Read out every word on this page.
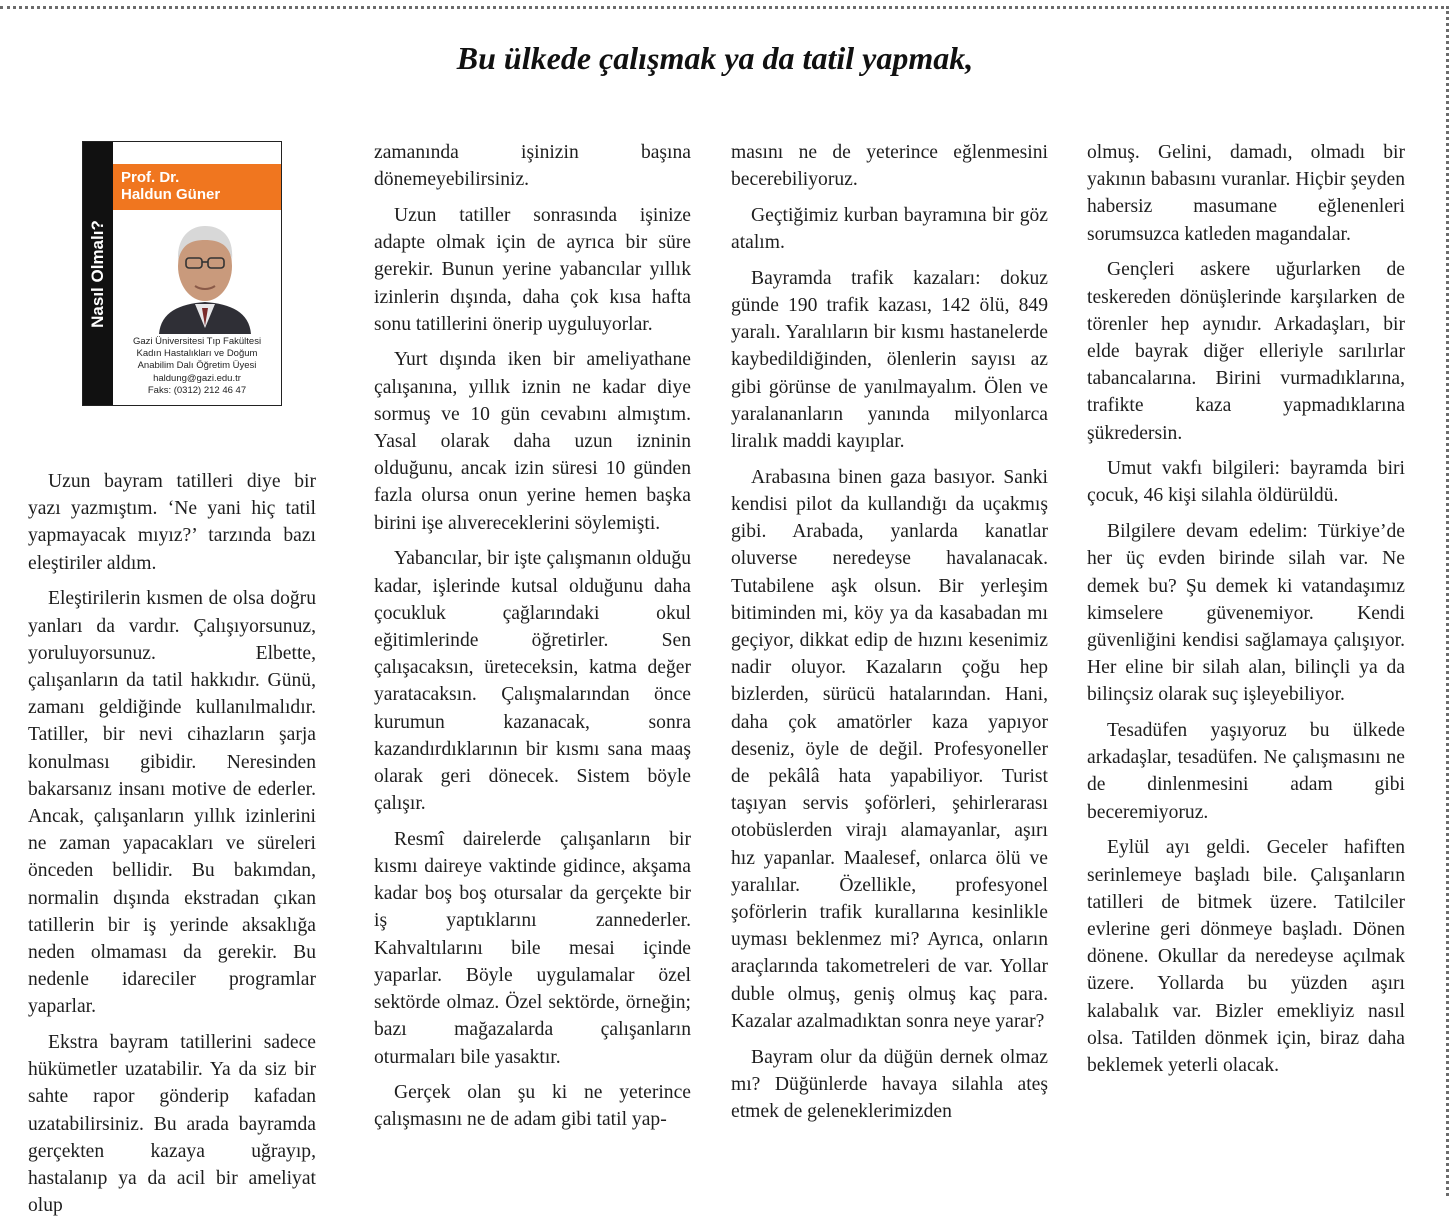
Bu ülkede çalışmak ya da tatil yapmak,
Nasıl Olmalı?
Prof. Dr.
Haldun Güner
Gazi Üniversitesi Tıp Fakültesi
Kadın Hastalıkları ve Doğum
Anabilim Dalı Öğretim Üyesi
haldung@gazi.edu.tr
Faks: (0312) 212 46 47

Uzun bayram tatilleri diye bir yazı yazmıştım. ‘Ne yani hiç tatil yapmayacak mıyız?’ tarzında bazı eleştiriler aldım.

Eleştirilerin kısmen de olsa doğru yanları da vardır. Çalışıyorsunuz, yoruluyorsunuz. Elbette, çalışanların da tatil hakkıdır. Günü, zamanı geldiğinde kullanılmalıdır. Tatiller, bir nevi cihazların şarja konulması gibidir. Neresinden bakarsanız insanı motive de ederler. Ancak, çalışanların yıllık izinlerini ne zaman yapacakları ve süreleri önceden bellidir. Bu bakımdan, normalin dışında ekstradan çıkan tatillerin bir iş yerinde aksaklığa neden olmaması da gerekir. Bu nedenle idareciler programlar yaparlar.

Ekstra bayram tatillerini sadece hükümetler uzatabilir. Ya da siz bir sahte rapor gönderip kafadan uzatabilirsiniz. Bu arada bayramda gerçekten kazaya uğrayıp, hastalanıp ya da acil bir ameliyat olup

zamanında işinizin başına dönemeyebilirsiniz.

Uzun tatiller sonrasında işinize adapte olmak için de ayrıca bir süre gerekir. Bunun yerine yabancılar yıllık izinlerin dışında, daha çok kısa hafta sonu tatillerini önerip uyguluyorlar.

Yurt dışında iken bir ameliyathane çalışanına, yıllık iznin ne kadar diye sormuş ve 10 gün cevabını almıştım. Yasal olarak daha uzun izninin olduğunu, ancak izin süresi 10 günden fazla olursa onun yerine hemen başka birini işe alıvereceklerini söylemişti.

Yabancılar, bir işte çalışmanın olduğu kadar, işlerinde kutsal olduğunu daha çocukluk çağlarındaki okul eğitimlerinde öğretirler. Sen çalışacaksın, üreteceksin, katma değer yaratacaksın. Çalışmalarından önce kurumun kazanacak, sonra kazandırdıklarının bir kısmı sana maaş olarak geri dönecek. Sistem böyle çalışır.

Resmî dairelerde çalışanların bir kısmı daireye vaktinde gidince, akşama kadar boş boş otursalar da gerçekte bir iş yaptıklarını zannederler. Kahvaltılarını bile mesai içinde yaparlar. Böyle uygulamalar özel sektörde olmaz. Özel sektörde, örneğin; bazı mağazalarda çalışanların oturmaları bile yasaktır.

Gerçek olan şu ki ne yeterince çalışmasını ne de adam gibi tatil yap-

masını ne de yeterince eğlenmesini becerebiliyoruz.

Geçtiğimiz kurban bayramına bir göz atalım.

Bayramda trafik kazaları: dokuz günde 190 trafik kazası, 142 ölü, 849 yaralı. Yaralıların bir kısmı hastanelerde kaybedildiğinden, ölenlerin sayısı az gibi görünse de yanılmayalım. Ölen ve yaralananların yanında milyonlarca liralık maddi kayıplar.

Arabasına binen gaza basıyor. Sanki kendisi pilot da kullandığı da uçakmış gibi. Arabada, yanlarda kanatlar oluverse neredeyse havalanacak. Tutabilene aşk olsun. Bir yerleşim bitiminden mi, köy ya da kasabadan mı geçiyor, dikkat edip de hızını kesenimiz nadir oluyor. Kazaların çoğu hep bizlerden, sürücü hatalarından. Hani, daha çok amatörler kaza yapıyor deseniz, öyle de değil. Profesyoneller de pekâlâ hata yapabiliyor. Turist taşıyan servis şoförleri, şehirlerarası otobüslerden virajı alamayanlar, aşırı hız yapanlar. Maalesef, onlarca ölü ve yaralılar. Özellikle, profesyonel şoförlerin trafik kurallarına kesinlikle uyması beklenmez mi? Ayrıca, onların araçlarında takometreleri de var. Yollar duble olmuş, geniş olmuş kaç para. Kazalar azalmadıktan sonra neye yarar?

Bayram olur da düğün dernek olmaz mı? Düğünlerde havaya silahla ateş etmek de geleneklerimizden

olmuş. Gelini, damadı, olmadı bir yakının babasını vuranlar. Hiçbir şeyden habersiz masumane eğlenenleri sorumsuzca katleden magandalar.

Gençleri askere uğurlarken de teskereden dönüşlerinde karşılarken de törenler hep aynıdır. Arkadaşları, bir elde bayrak diğer elleriyle sarılırlar tabancalarına. Birini vurmadıklarına, trafikte kaza yapmadıklarına şükredersin.

Umut vakfı bilgileri: bayramda biri çocuk, 46 kişi silahla öldürüldü.

Bilgilere devam edelim: Türkiye’de her üç evden birinde silah var. Ne demek bu? Şu demek ki vatandaşımız kimselere güvenemiyor. Kendi güvenliğini kendisi sağlamaya çalışıyor. Her eline bir silah alan, bilinçli ya da bilinçsiz olarak suç işleyebiliyor.

Tesadüfen yaşıyoruz bu ülkede arkadaşlar, tesadüfen. Ne çalışmasını ne de dinlenmesini adam gibi beceremiyoruz.

Eylül ayı geldi. Geceler hafiften serinlemeye başladı bile. Çalışanların tatilleri de bitmek üzere. Tatilciler evlerine geri dönmeye başladı. Dönen dönene. Okullar da neredeyse açılmak üzere. Yollarda bu yüzden aşırı kalabalık var. Bizler emekliyiz nasıl olsa. Tatilden dönmek için, biraz daha beklemek yeterli olacak.
